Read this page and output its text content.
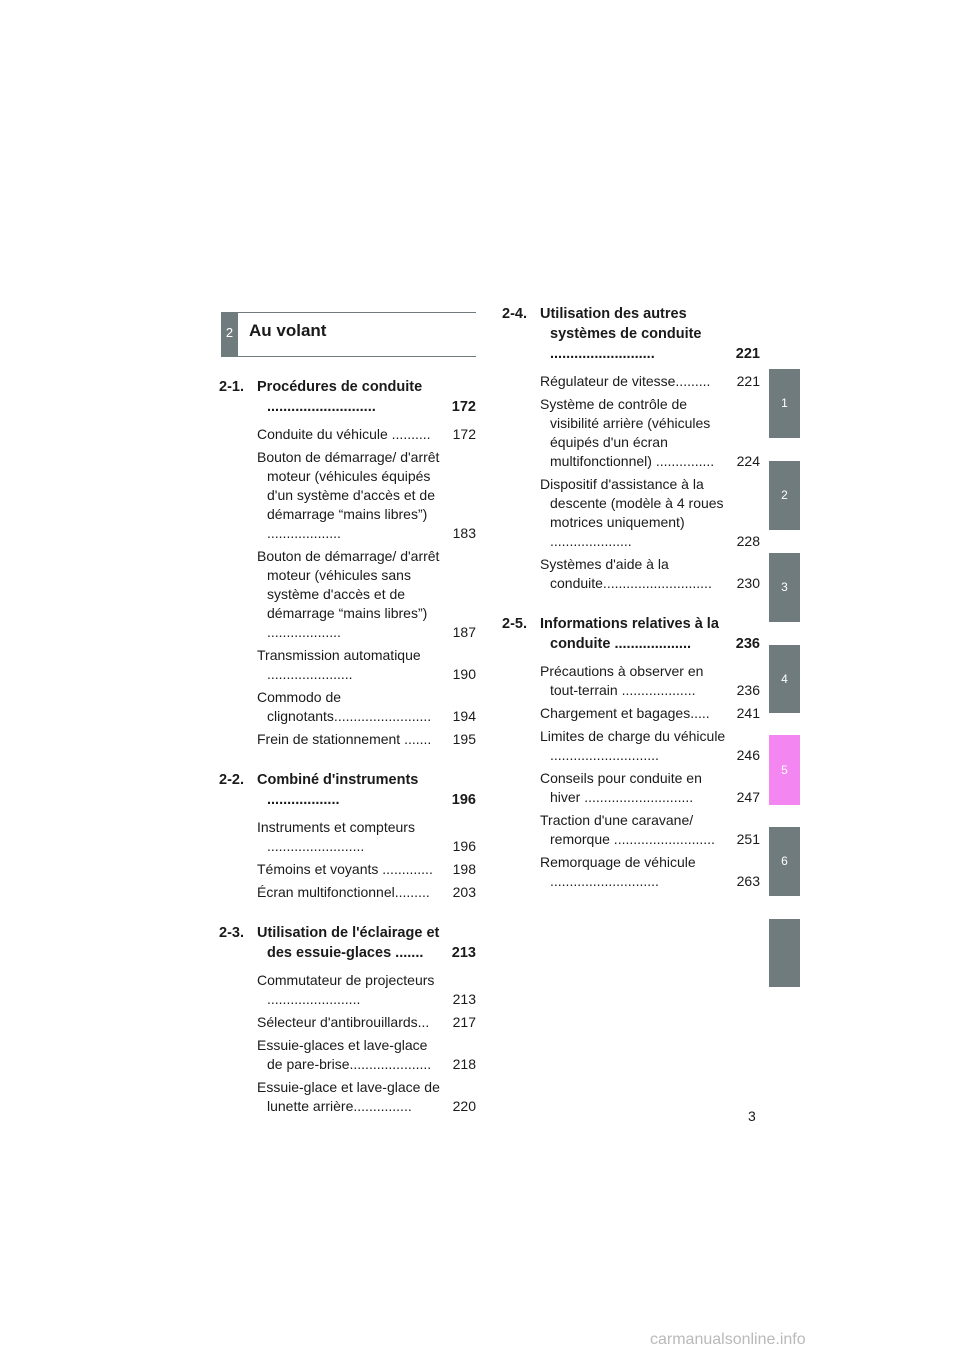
2 Au volant
2-1. Procédures de conduite ...........................	172
Conduite du véhicule ..........	172
Bouton de démarrage/ d'arrêt moteur (véhicules équipés d'un système d'accès et de démarrage “mains libres”) ...................	183
Bouton de démarrage/ d'arrêt moteur (véhicules sans système d'accès et de démarrage “mains libres”) ...................	187
Transmission automatique ......................	190
Commodo de clignotants.........................	194
Frein de stationnement .......	195
2-2. Combiné d'instruments ..................	196
Instruments et compteurs .........................	196
Témoins et voyants .............	198
Écran multifonctionnel.........	203
2-3. Utilisation de l'éclairage et des essuie-glaces .......	213
Commutateur de projecteurs ........................	213
Sélecteur d'antibrouillards...	217
Essuie-glaces et lave-glace de pare-brise.....................	218
Essuie-glace et lave-glace de lunette arrière...............	220
2-4. Utilisation des autres systèmes de conduite ..........................	221
Régulateur de vitesse.........	221
Système de contrôle de visibilité arrière (véhicules équipés d'un écran multifonctionnel) ...............	224
Dispositif d'assistance à la descente (modèle à 4 roues motrices uniquement) .....................	228
Systèmes d'aide à la conduite............................	230
2-5. Informations relatives à la conduite ...................	236
Précautions à observer en tout-terrain ...................	236
Chargement et bagages.....	241
Limites de charge du véhicule ............................	246
Conseils pour conduite en hiver ............................	247
Traction d'une caravane/ remorque ..........................	251
Remorquage de véhicule ............................	263
1
2
3
4
5
6
3
carmanualsonline.info
